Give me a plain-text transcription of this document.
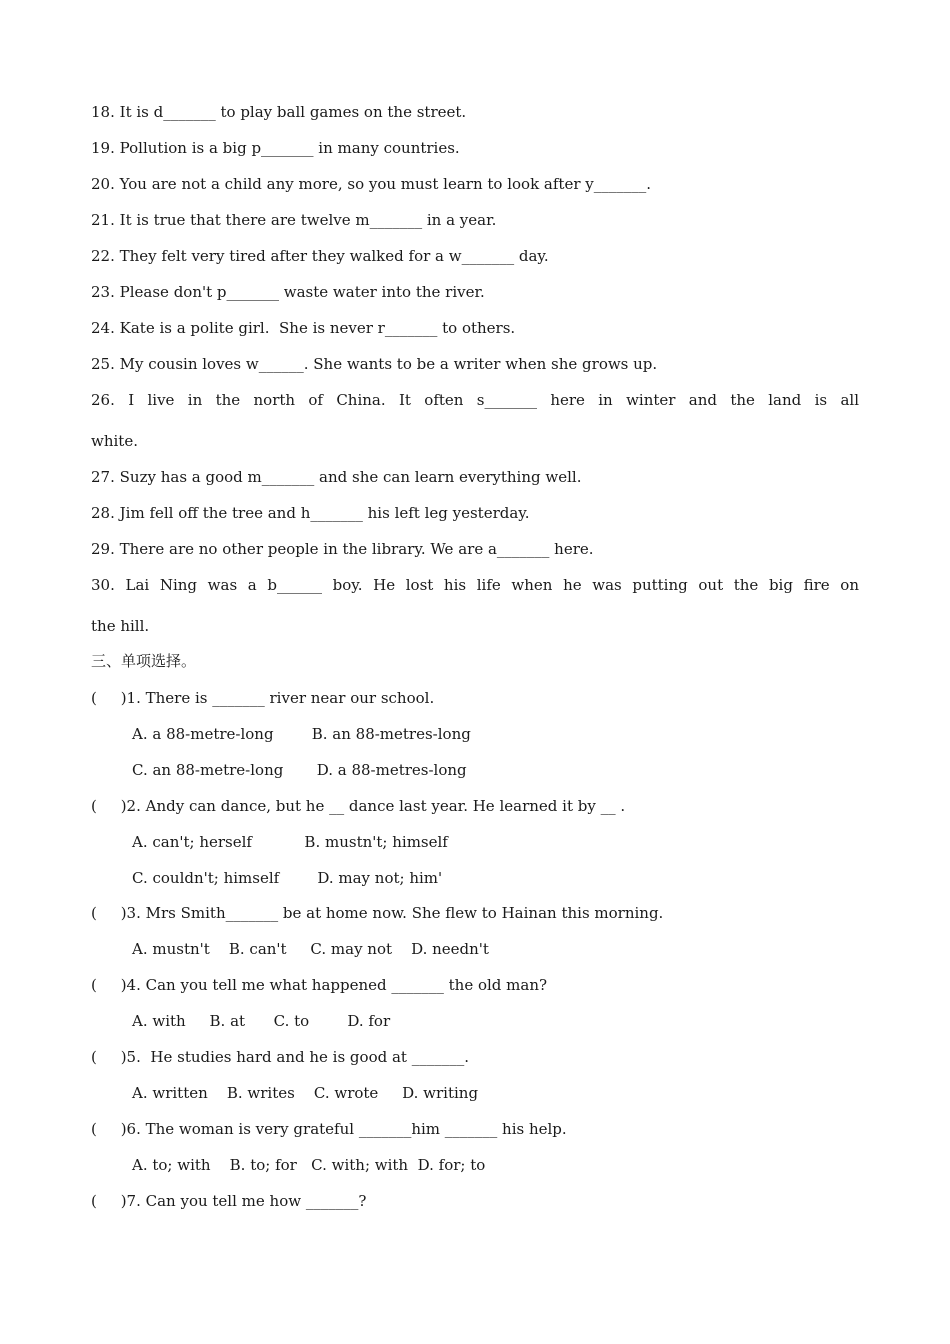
18. It is d_______ to play ball games on the street.
19. Pollution is a big p_______ in many countries.
20. You are not a child any more, so you must learn to look after y_______.
21. It is true that there are twelve m_______ in a year.
22. They felt very tired after they walked for a w_______ day.
23. Please don't p_______ waste water into the river.
24. Kate is a polite girl.  She is never r_______ to others.
25. My cousin loves w______. She wants to be a writer when she grows up.
26. I live in the north of China. It often s_______ here in winter and the land is all
white.
27. Suzy has a good m_______ and she can learn everything well.
28. Jim fell off the tree and h_______ his left leg yesterday.
29. There are no other people in the library. We are a_______ here.
30. Lai Ning was a b______ boy. He lost his life when he was putting out the big fire on
the hill.
三、单项选择。
(     )1. There is _______ river near our school.
A. a 88-metre-long        B. an 88-metres-long
C. an 88-metre-long       D. a 88-metres-long
(     )2. Andy can dance, but he __ dance last year. He learned it by __ .
A. can't; herself           B. mustn't; himself
C. couldn't; himself        D. may not; him'
(     )3. Mrs Smith_______ be at home now. She flew to Hainan this morning.
A. mustn't    B. can't     C. may not    D. needn't
(     )4. Can you tell me what happened _______ the old man?
A. with     B. at      C. to        D. for
(     )5.  He studies hard and he is good at _______.
A. written    B. writes    C. wrote     D. writing
(     )6. The woman is very grateful _______him _______ his help.
A. to; with    B. to; for   C. with; with  D. for; to
(     )7. Can you tell me how _______?
